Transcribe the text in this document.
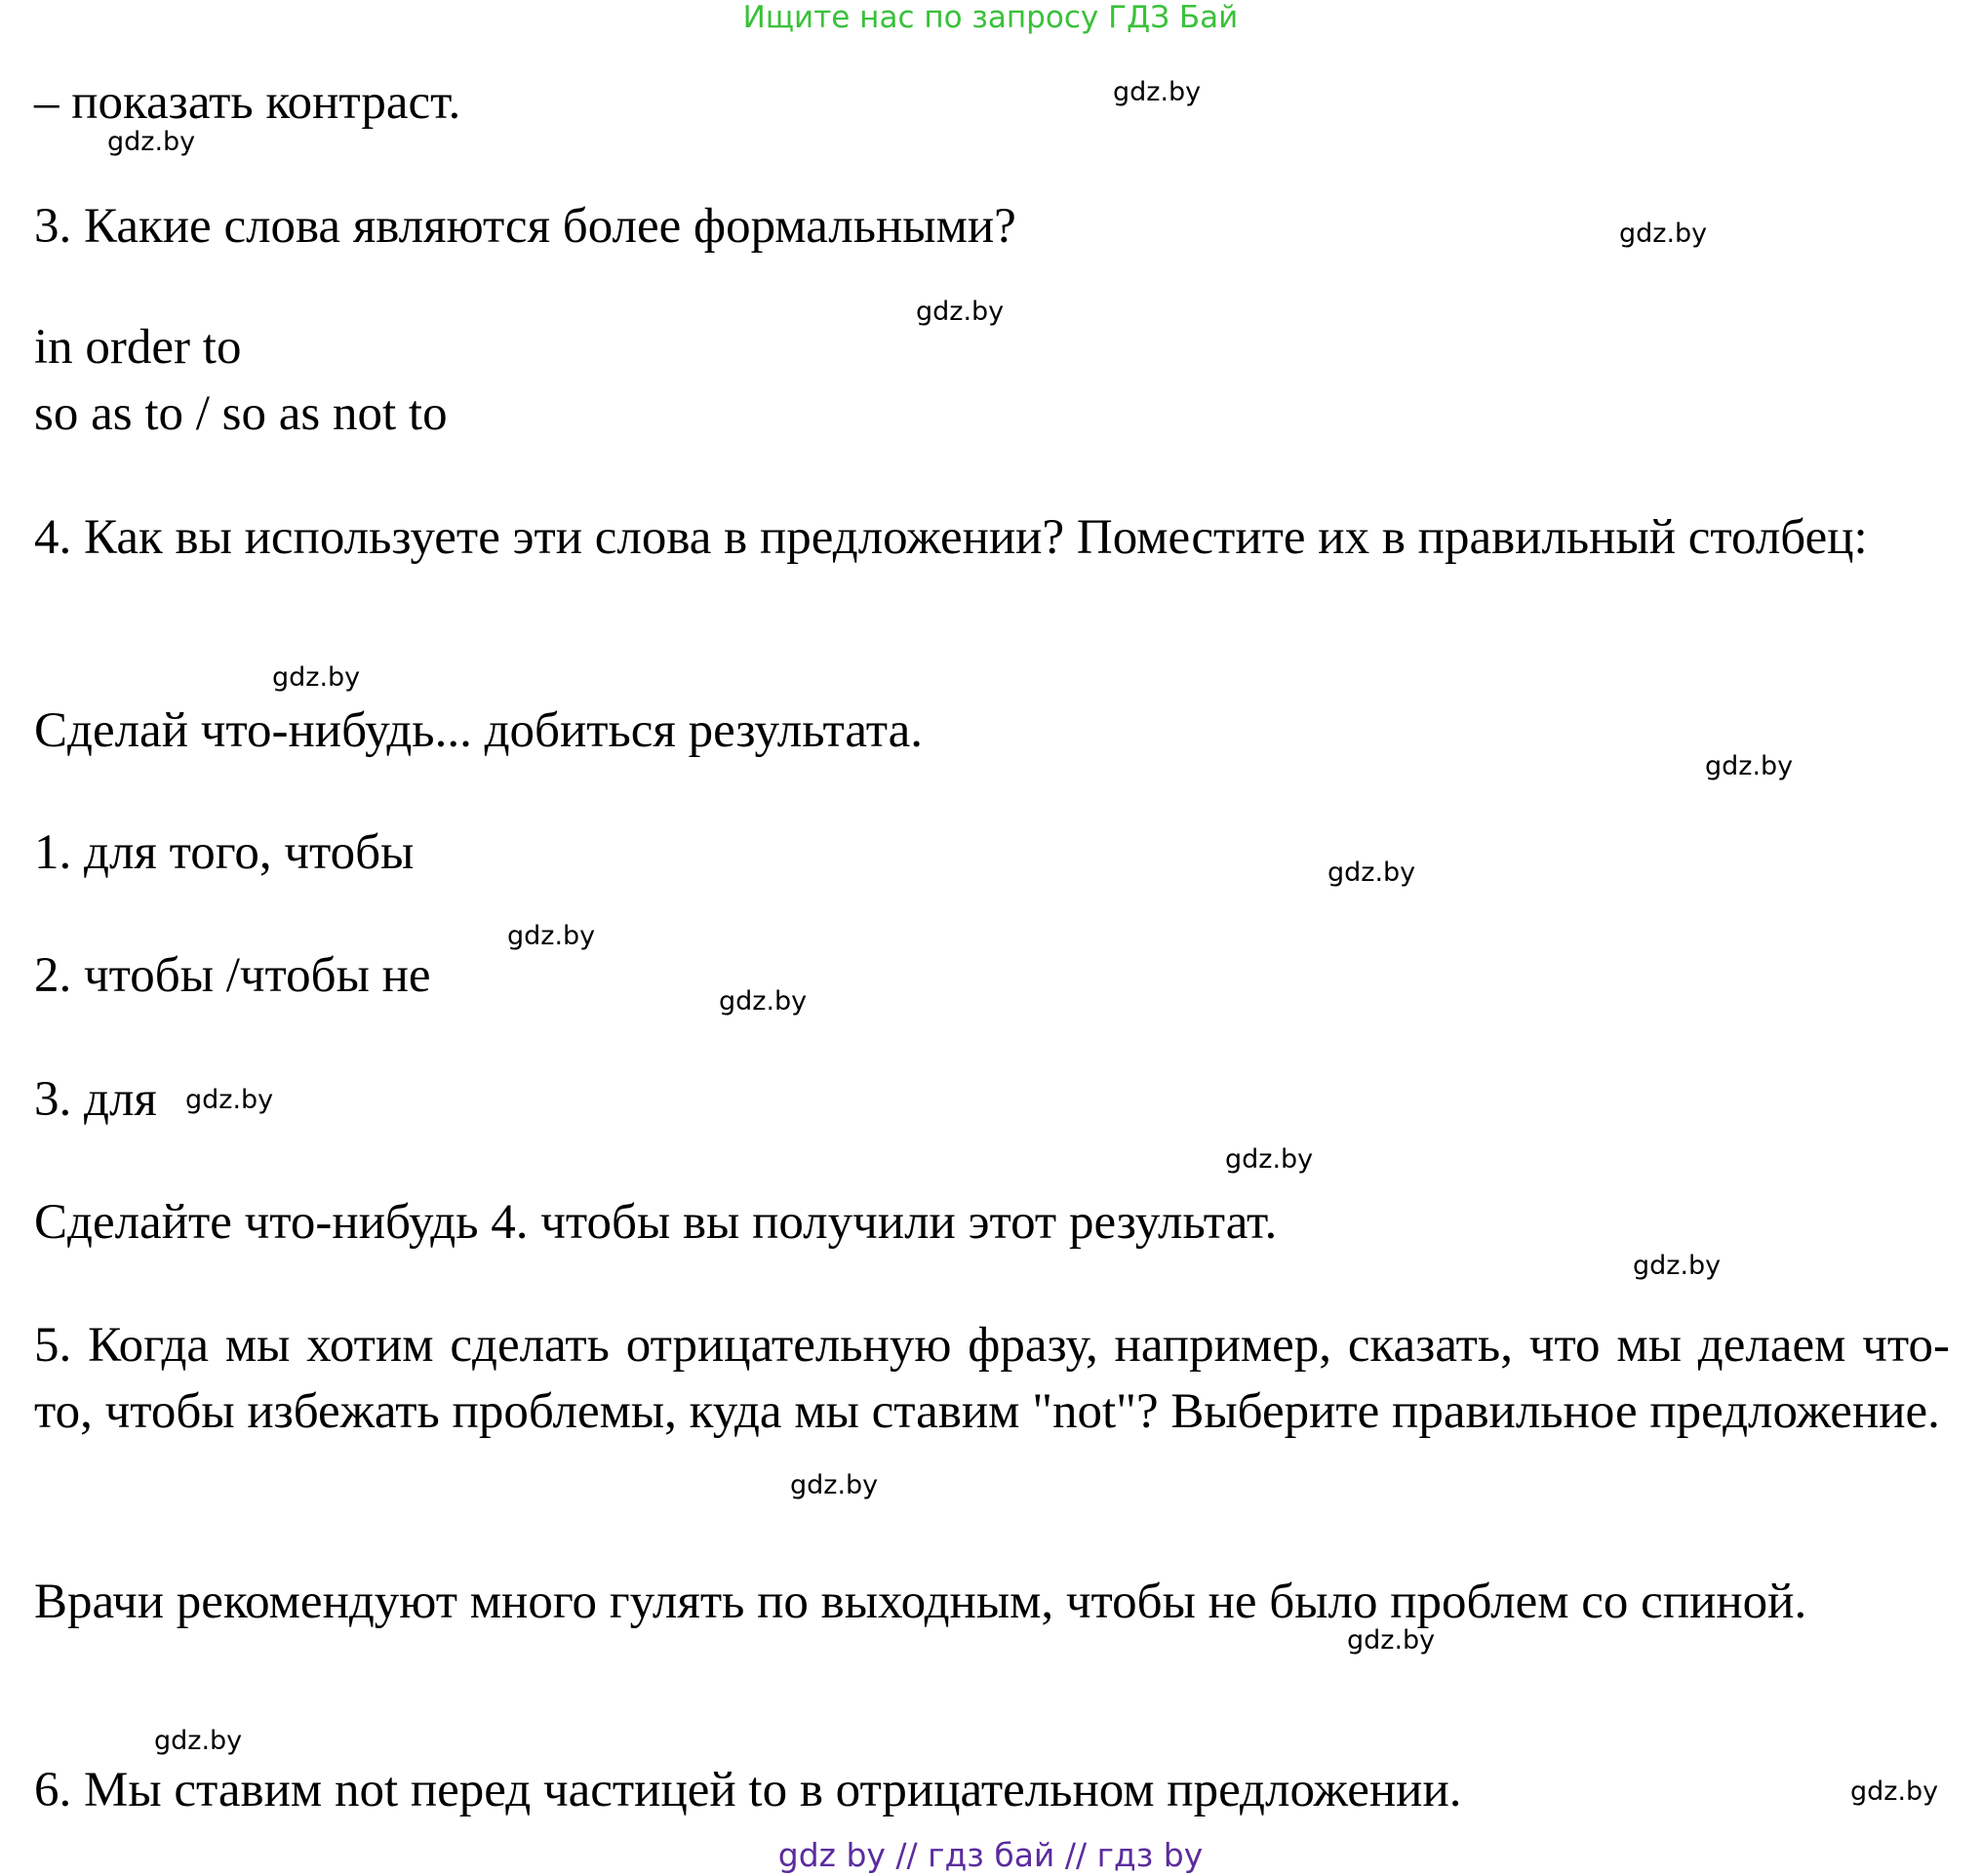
Ищите нас по запросу ГДЗ Бай
– показать контраст.
3. Какие слова являются более формальными?
in order to
so as to / so as not to
4. Как вы используете эти слова в предложении? Поместите их в правильный столбец:
Сделай что-нибудь... добиться результата.
1. для того, чтобы
2. чтобы /чтобы не
3. для
Сделайте что-нибудь 4. чтобы вы получили этот результат.
5. Когда мы хотим сделать отрицательную фразу, например, сказать, что мы делаем что-то, чтобы избежать проблемы, куда мы ставим "not"? Выберите правильное предложение.
Врачи рекомендуют много гулять по выходным, чтобы не было проблем со спиной.
6. Мы ставим not перед частицей to в отрицательном предложении.
gdz.by
gdz.by
gdz.by
gdz.by
gdz.by
gdz.by
gdz.by
gdz.by
gdz.by
gdz.by
gdz.by
gdz.by
gdz.by
gdz.by
gdz.by
gdz.by
gdz by // гдз бай // гдз by
